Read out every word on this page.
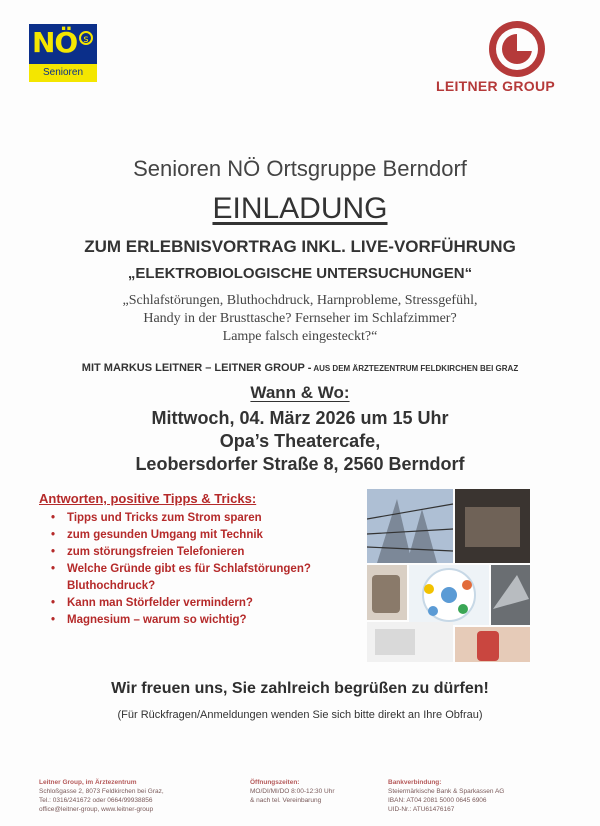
NÖ s
Senioren
LEITNER GROUP
Senioren NÖ Ortsgruppe Berndorf
EINLADUNG
ZUM ERLEBNISVORTRAG INKL. LIVE-VORFÜHRUNG
„ELEKTROBIOLOGISCHE UNTERSUCHUNGEN“
„Schlafstörungen, Bluthochdruck, Harnprobleme, Stressgefühl,
Handy in der Brusttasche? Fernseher im Schlafzimmer?
Lampe falsch eingesteckt?“
MIT MARKUS LEITNER – LEITNER GROUP - AUS DEM ÄRZTEZENTRUM FELDKIRCHEN BEI GRAZ
Wann & Wo:
Mittwoch, 04. März 2026 um 15 Uhr
Opa’s Theatercafe,
Leobersdorfer Straße 8, 2560 Berndorf
Antworten, positive Tipps & Tricks:
• Tipps und Tricks zum Strom sparen
• zum gesunden Umgang mit Technik
• zum störungsfreien Telefonieren
• Welche Gründe gibt es für Schlafstörungen?
Bluthochdruck?
• Kann man Störfelder vermindern?
• Magnesium – warum so wichtig?
Wir freuen uns, Sie zahlreich begrüßen zu dürfen!
(Für Rückfragen/Anmeldungen wenden Sie sich bitte direkt an Ihre Obfrau)
Leitner Group, im Ärztezentrum
Schloßgasse 2, 8073 Feldkirchen bei Graz,
Tel.: 0316/241672 oder 0664/99938856
office@leitner-group, www.leitner-group
Öffnungszeiten:
MO/DI/MI/DO 8:00-12:30 Uhr
& nach tel. Vereinbarung
Bankverbindung:
Steiermärkische Bank & Sparkassen AG
IBAN: AT04 2081 5000 0645 6906
UID-Nr.: ATU61476167
